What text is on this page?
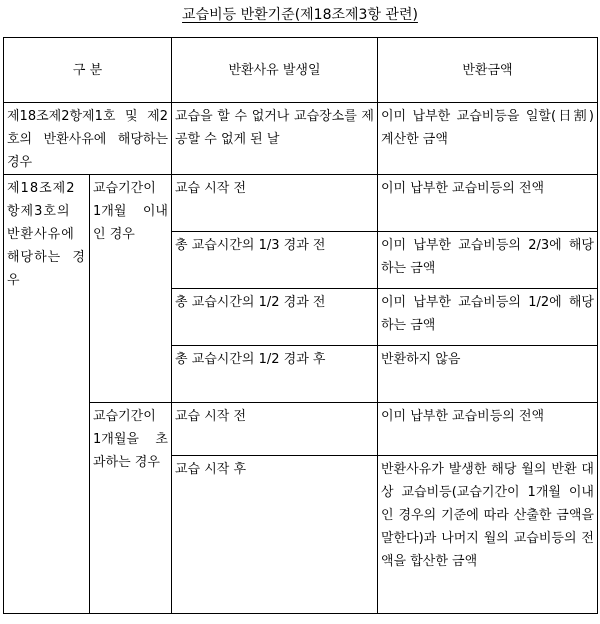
교습비등 반환기준(제18조제3항 관련)
구 분		반환사유 발생일	반환금액
제18조제2항제1호 및 제2호의 반환사유에 해당하는 경우		교습을 할 수 없거나 교습장소를 제공할 수 없게 된 날	이미 납부한 교습비등을 일할(日割) 계산한 금액
제18조제2항제3호의 반환사유에 해당하는 경우	교습기간이 1개월 이내인 경우	교습 시작 전	이미 납부한 교습비등의 전액
		총 교습시간의 1/3 경과 전	이미 납부한 교습비등의 2/3에 해당하는 금액
		총 교습시간의 1/2 경과 전	이미 납부한 교습비등의 1/2에 해당하는 금액
		총 교습시간의 1/2 경과 후	반환하지 않음
	교습기간이 1개월을 초과하는 경우	교습 시작 전	이미 납부한 교습비등의 전액
		교습 시작 후	반환사유가 발생한 해당 월의 반환 대상 교습비등(교습기간이 1개월 이내인 경우의 기준에 따라 산출한 금액을 말한다)과 나머지 월의 교습비등의 전액을 합산한 금액
